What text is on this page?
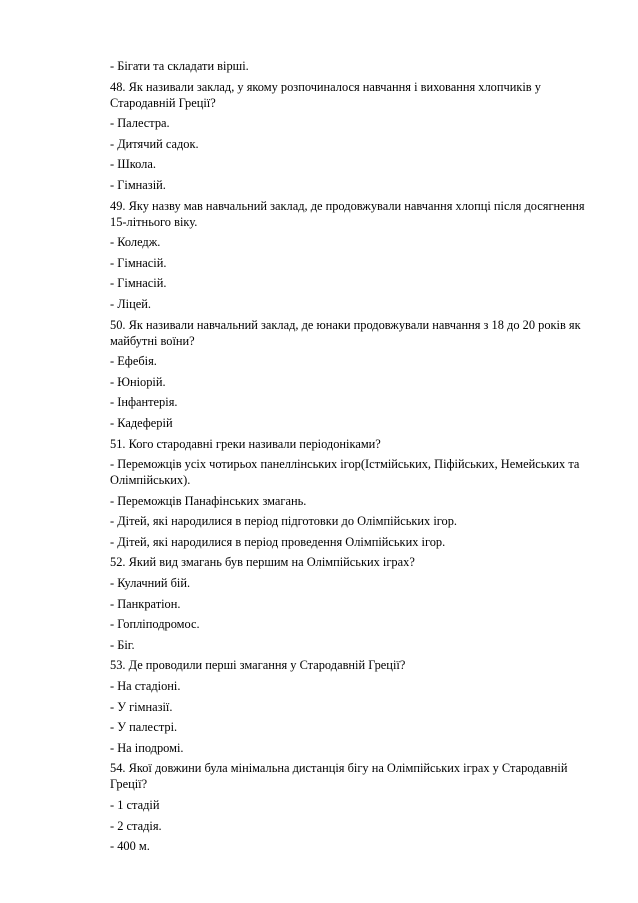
- Бігати та складати вірші.
48. Як називали заклад, у якому розпочиналося навчання і виховання хлопчиків у Стародавній Греції?
- Палестра.
- Дитячий садок.
- Школа.
- Гімназій.
49. Яку назву мав навчальний заклад, де продовжували навчання хлопці після досягнення 15-літнього віку.
- Коледж.
- Гімнасій.
- Гімнасій.
- Ліцей.
50. Як називали навчальний заклад, де юнаки продовжували навчання з 18 до 20 років як майбутні воїни?
- Ефебія.
- Юніорій.
- Інфантерія.
- Кадеферій
51. Кого стародавні греки називали періодоніками?
- Переможців усіх чотирьох панеллінських ігор(Істмійських, Піфійських, Немейських та Олімпійських).
- Переможців Панафінських змагань.
- Дітей, які народилися в період підготовки до Олімпійських ігор.
- Дітей, які народилися в період проведення Олімпійських ігор.
52. Який вид змагань був першим на Олімпійських іграх?
- Кулачний бій.
- Панкратіон.
- Гопліподромос.
- Біг.
53. Де проводили перші змагання у Стародавній Греції?
- На стадіоні.
- У гімназії.
- У палестрі.
- На іподромі.
54. Якої довжини була мінімальна дистанція бігу на Олімпійських іграх у Стародавній Греції?
- 1 стадій
- 2 стадія.
- 400 м.
